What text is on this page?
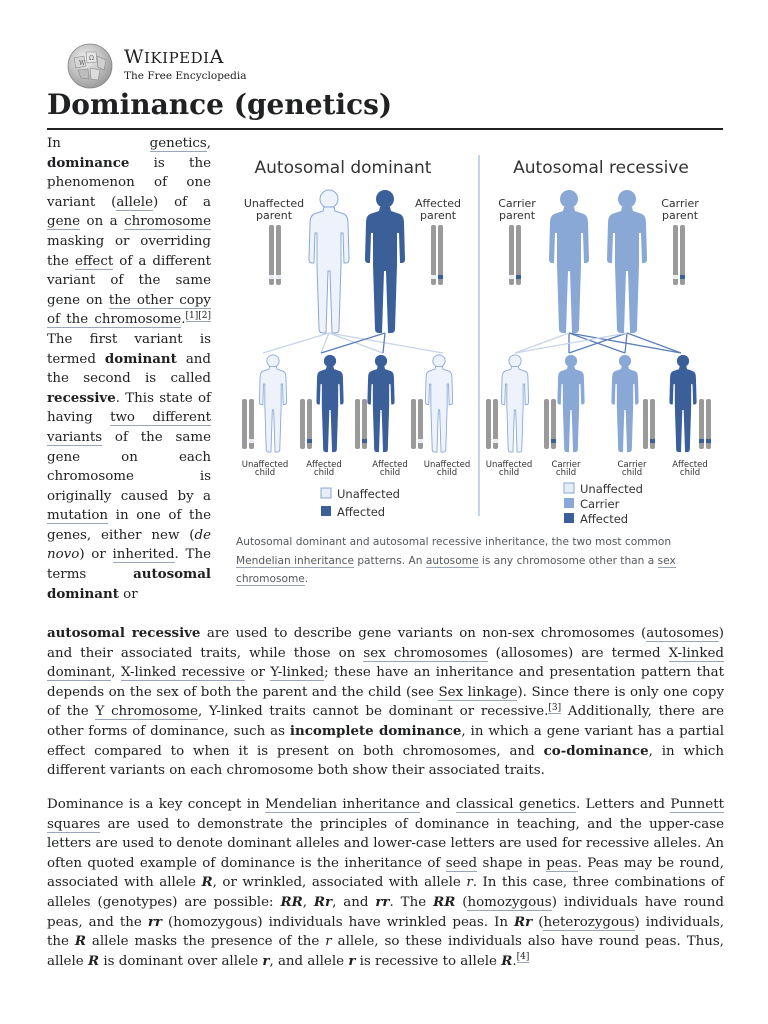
W
Ω WIKIPEDIA
The Free Encyclopedia
Dominance (genetics)
Autosomal dominant	Autosomal recessive
Unaffected
parent
Affected
parent
Carrier
parent
Carrier
parent
Unaffected
child
Affected
child
Affected
child
Unaffected
child
Unaffected
Affected
Unaffected
child
Carrier
child
Carrier
child
Affected
child
Unaffected
Carrier
Affected
Autosomal dominant and autosomal recessive inheritance, the two most common Mendelian inheritance patterns. An autosome is any chromosome other than a sex chromosome.
In genetics, dominance is the phenomenon of one variant (allele) of a gene on a chromosome masking or overriding the effect of a different variant of the same gene on the other copy of the chromosome.[1][2] The first variant is termed dominant and the second is called recessive. This state of having two different variants of the same gene on each chromosome is originally caused by a mutation in one of the genes, either new (de novo) or inherited. The terms autosomal dominant or
autosomal recessive are used to describe gene variants on non-sex chromosomes (autosomes) and their associated traits, while those on sex chromosomes (allosomes) are termed X-linked dominant, X-linked recessive or Y-linked; these have an inheritance and presentation pattern that depends on the sex of both the parent and the child (see Sex linkage). Since there is only one copy of the Y chromosome, Y-linked traits cannot be dominant or recessive.[3] Additionally, there are other forms of dominance, such as incomplete dominance, in which a gene variant has a partial effect compared to when it is present on both chromosomes, and co-dominance, in which different variants on each chromosome both show their associated traits.
Dominance is a key concept in Mendelian inheritance and classical genetics. Letters and Punnett squares are used to demonstrate the principles of dominance in teaching, and the upper-case letters are used to denote dominant alleles and lower-case letters are used for recessive alleles. An often quoted example of dominance is the inheritance of seed shape in peas. Peas may be round, associated with allele R, or wrinkled, associated with allele r. In this case, three combinations of alleles (genotypes) are possible: RR, Rr, and rr. The RR (homozygous) individuals have round peas, and the rr (homozygous) individuals have wrinkled peas. In Rr (heterozygous) individuals, the R allele masks the presence of the r allele, so these individuals also have round peas. Thus, allele R is dominant over allele r, and allele r is recessive to allele R.[4]
